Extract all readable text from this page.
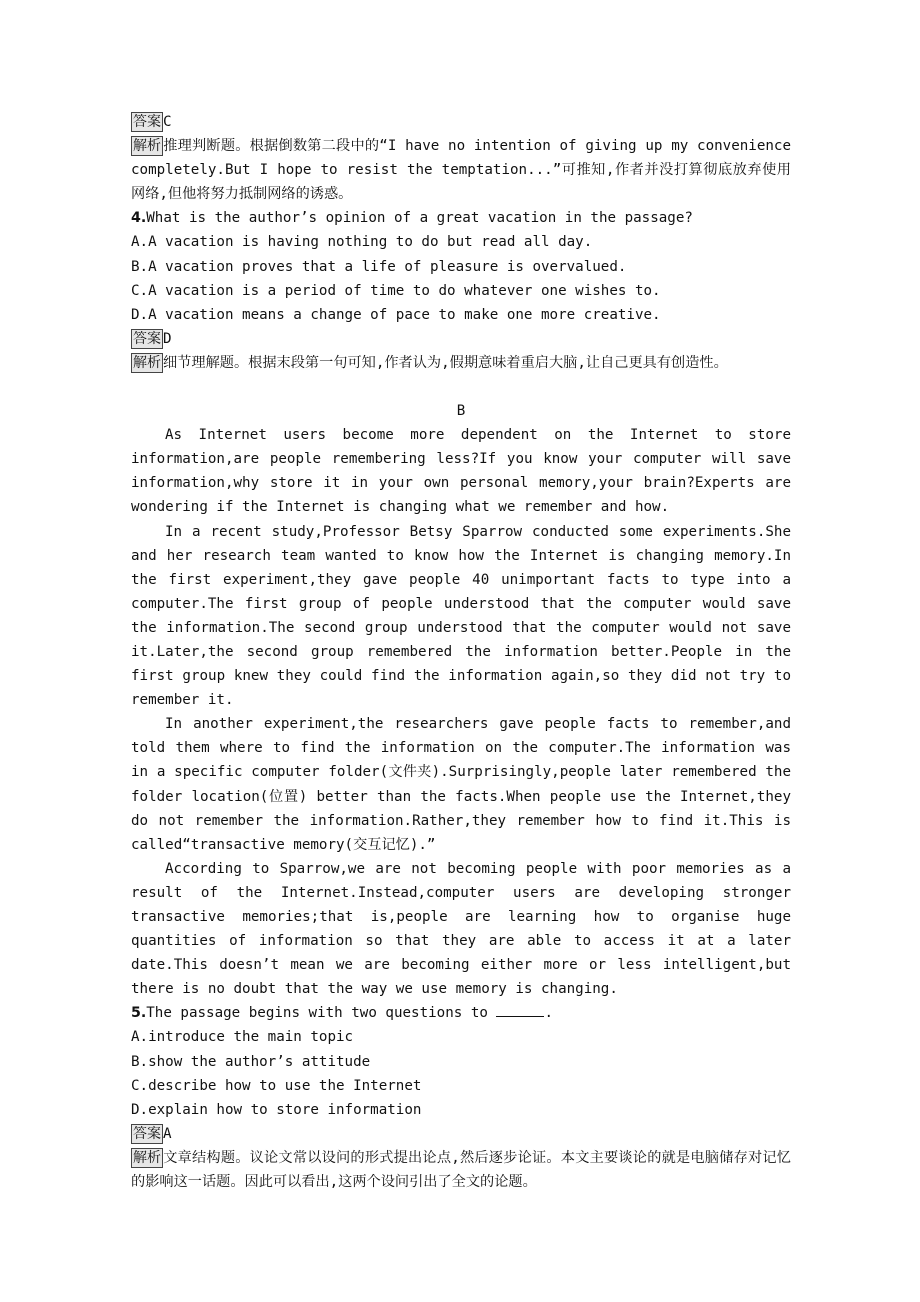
答案 C

解析 推理判断题。根据倒数第二段中的“I have no intention of giving up my convenience completely.But I hope to resist the temptation...”可推知,作者并没打算彻底放弃使用网络,但他将努力抵制网络的诱惑。

4.What is the author’s opinion of a great vacation in the passage?

A.A vacation is having nothing to do but read all day.

B.A vacation proves that a life of pleasure is overvalued.

C.A vacation is a period of time to do whatever one wishes to.

D.A vacation means a change of pace to make one more creative.

答案 D

解析 细节理解题。根据末段第一句可知,作者认为,假期意味着重启大脑,让自己更具有创造性。

B

As Internet users become more dependent on the Internet to store information,are people remembering less?If you know your computer will save information,why store it in your own personal memory,your brain?Experts are wondering if the Internet is changing what we remember and how.

In a recent study,Professor Betsy Sparrow conducted some experiments.She and her research team wanted to know how the Internet is changing memory.In the first experiment,they gave people 40 unimportant facts to type into a computer.The first group of people understood that the computer would save the information.The second group understood that the computer would not save it.Later,the second group remembered the information better.People in the first group knew they could find the information again,so they did not try to remember it.

In another experiment,the researchers gave people facts to remember,and told them where to find the information on the computer.The information was in a specific computer folder(文件夹).Surprisingly,people later remembered the folder location(位置) better than the facts.When people use the Internet,they do not remember the information.Rather,they remember how to find it.This is called“transactive memory(交互记忆).”

According to Sparrow,we are not becoming people with poor memories as a result of the Internet.Instead,computer users are developing stronger transactive memories;that is,people are learning how to organise huge quantities of information so that they are able to access it at a later date.This doesn’t mean we are becoming either more or less intelligent,but there is no doubt that the way we use memory is changing.

5.The passage begins with two questions to	.

A.introduce the main topic

B.show the author’s attitude

C.describe how to use the Internet

D.explain how to store information

答案 A

解析 文章结构题。议论文常以设问的形式提出论点,然后逐步论证。本文主要谈论的就是电脑储存对记忆的影响这一话题。因此可以看出,这两个设问引出了全文的论题。
